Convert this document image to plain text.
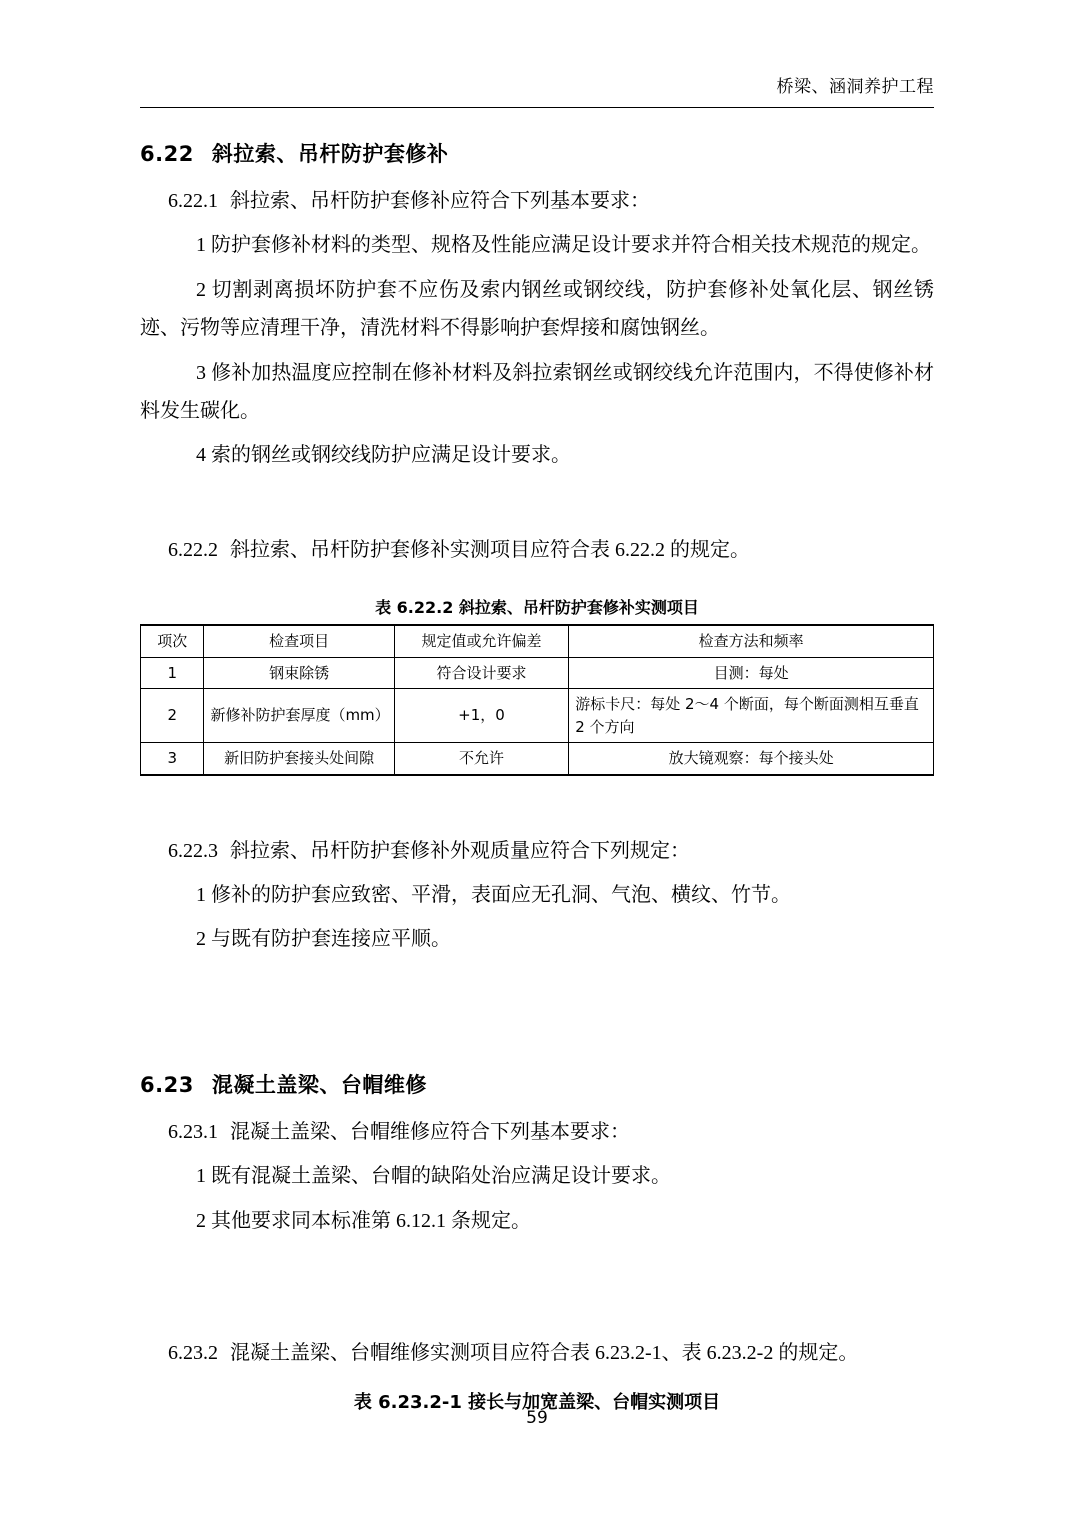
桥梁、涵洞养护工程
6.22 斜拉索、吊杆防护套修补

6.22.1 斜拉索、吊杆防护套修补应符合下列基本要求：

1 防护套修补材料的类型、规格及性能应满足设计要求并符合相关技术规范的规定。

2 切割剥离损坏防护套不应伤及索内钢丝或钢绞线，防护套修补处氧化层、钢丝锈迹、污物等应清理干净，清洗材料不得影响护套焊接和腐蚀钢丝。

3 修补加热温度应控制在修补材料及斜拉索钢丝或钢绞线允许范围内，不得使修补材料发生碳化。

4 索的钢丝或钢绞线防护应满足设计要求。

6.22.2 斜拉索、吊杆防护套修补实测项目应符合表 6.22.2 的规定。

表 6.22.2 斜拉索、吊杆防护套修补实测项目
项次	检查项目	规定值或允许偏差	检查方法和频率
1	钢束除锈	符合设计要求	目测：每处
2	新修补防护套厚度（mm）	+1，0	游标卡尺：每处 2～4 个断面，每个断面测相互垂直 2 个方向
3	新旧防护套接头处间隙	不允许	放大镜观察：每个接头处

6.22.3 斜拉索、吊杆防护套修补外观质量应符合下列规定：

1 修补的防护套应致密、平滑，表面应无孔洞、气泡、横纹、竹节。

2 与既有防护套连接应平顺。

6.23 混凝土盖梁、台帽维修

6.23.1 混凝土盖梁、台帽维修应符合下列基本要求：

1 既有混凝土盖梁、台帽的缺陷处治应满足设计要求。

2 其他要求同本标准第 6.12.1 条规定。

6.23.2 混凝土盖梁、台帽维修实测项目应符合表 6.23.2-1、表 6.23.2-2 的规定。

表 6.23.2-1 接长与加宽盖梁、台帽实测项目
59
